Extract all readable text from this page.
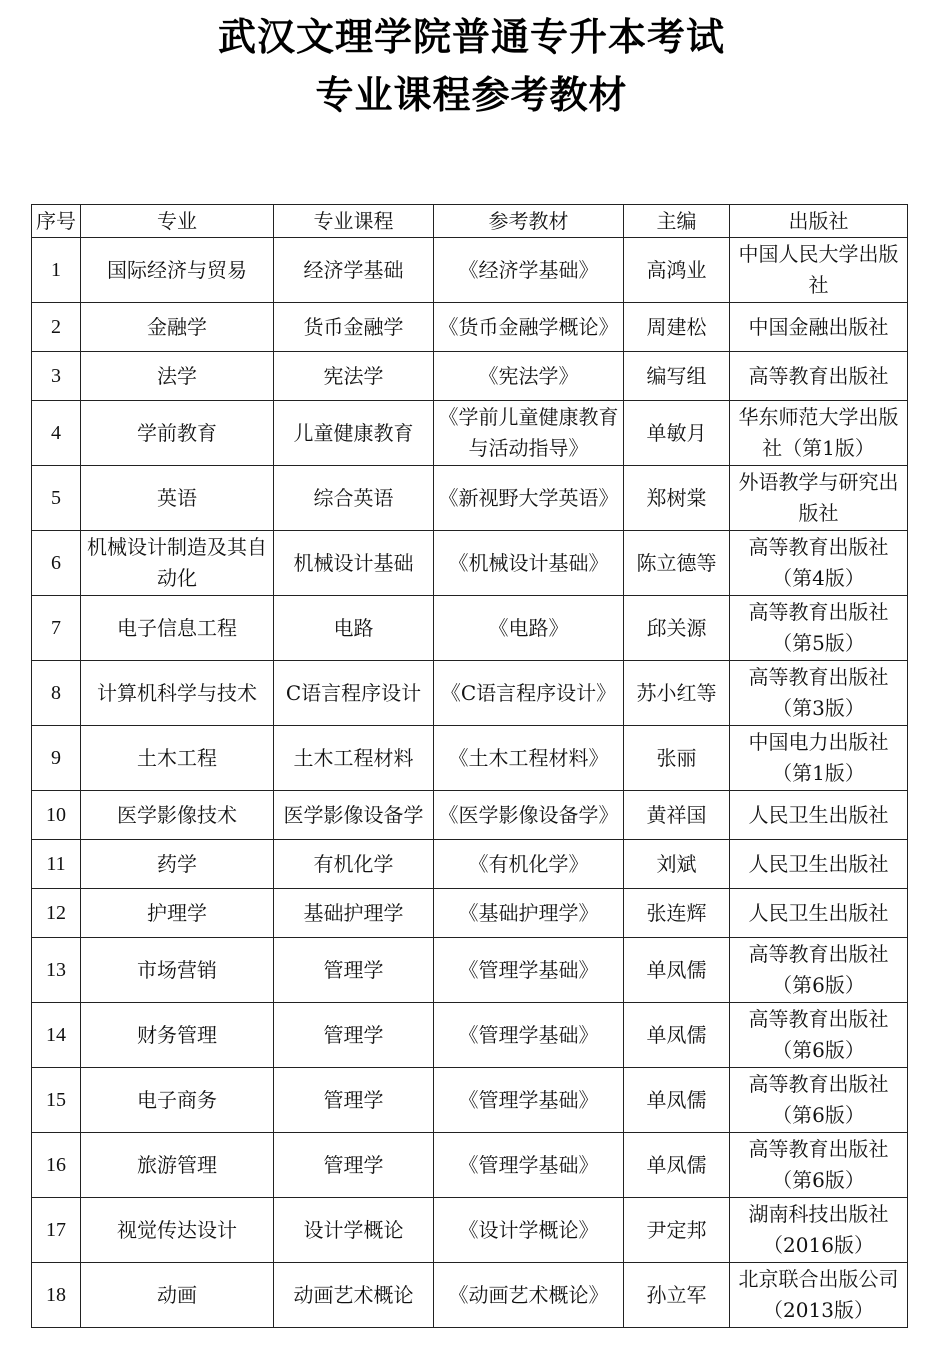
武汉文理学院普通专升本考试
专业课程参考教材
序号	专业	专业课程	参考教材	主编	出版社
1	国际经济与贸易	经济学基础	《经济学基础》	高鸿业	中国人民大学出版社
2	金融学	货币金融学	《货币金融学概论》	周建松	中国金融出版社
3	法学	宪法学	《宪法学》	编写组	高等教育出版社
4	学前教育	儿童健康教育	《学前儿童健康教育与活动指导》	单敏月	华东师范大学出版社（第1版）
5	英语	综合英语	《新视野大学英语》	郑树棠	外语教学与研究出版社
6	机械设计制造及其自动化	机械设计基础	《机械设计基础》	陈立德等	高等教育出版社（第4版）
7	电子信息工程	电路	《电路》	邱关源	高等教育出版社（第5版）
8	计算机科学与技术	C语言程序设计	《C语言程序设计》	苏小红等	高等教育出版社（第3版）
9	土木工程	土木工程材料	《土木工程材料》	张丽	中国电力出版社（第1版）
10	医学影像技术	医学影像设备学	《医学影像设备学》	黄祥国	人民卫生出版社
11	药学	有机化学	《有机化学》	刘斌	人民卫生出版社
12	护理学	基础护理学	《基础护理学》	张连辉	人民卫生出版社
13	市场营销	管理学	《管理学基础》	单凤儒	高等教育出版社（第6版）
14	财务管理	管理学	《管理学基础》	单凤儒	高等教育出版社（第6版）
15	电子商务	管理学	《管理学基础》	单凤儒	高等教育出版社（第6版）
16	旅游管理	管理学	《管理学基础》	单凤儒	高等教育出版社（第6版）
17	视觉传达设计	设计学概论	《设计学概论》	尹定邦	湖南科技出版社（2016版）
18	动画	动画艺术概论	《动画艺术概论》	孙立军	北京联合出版公司（2013版）
